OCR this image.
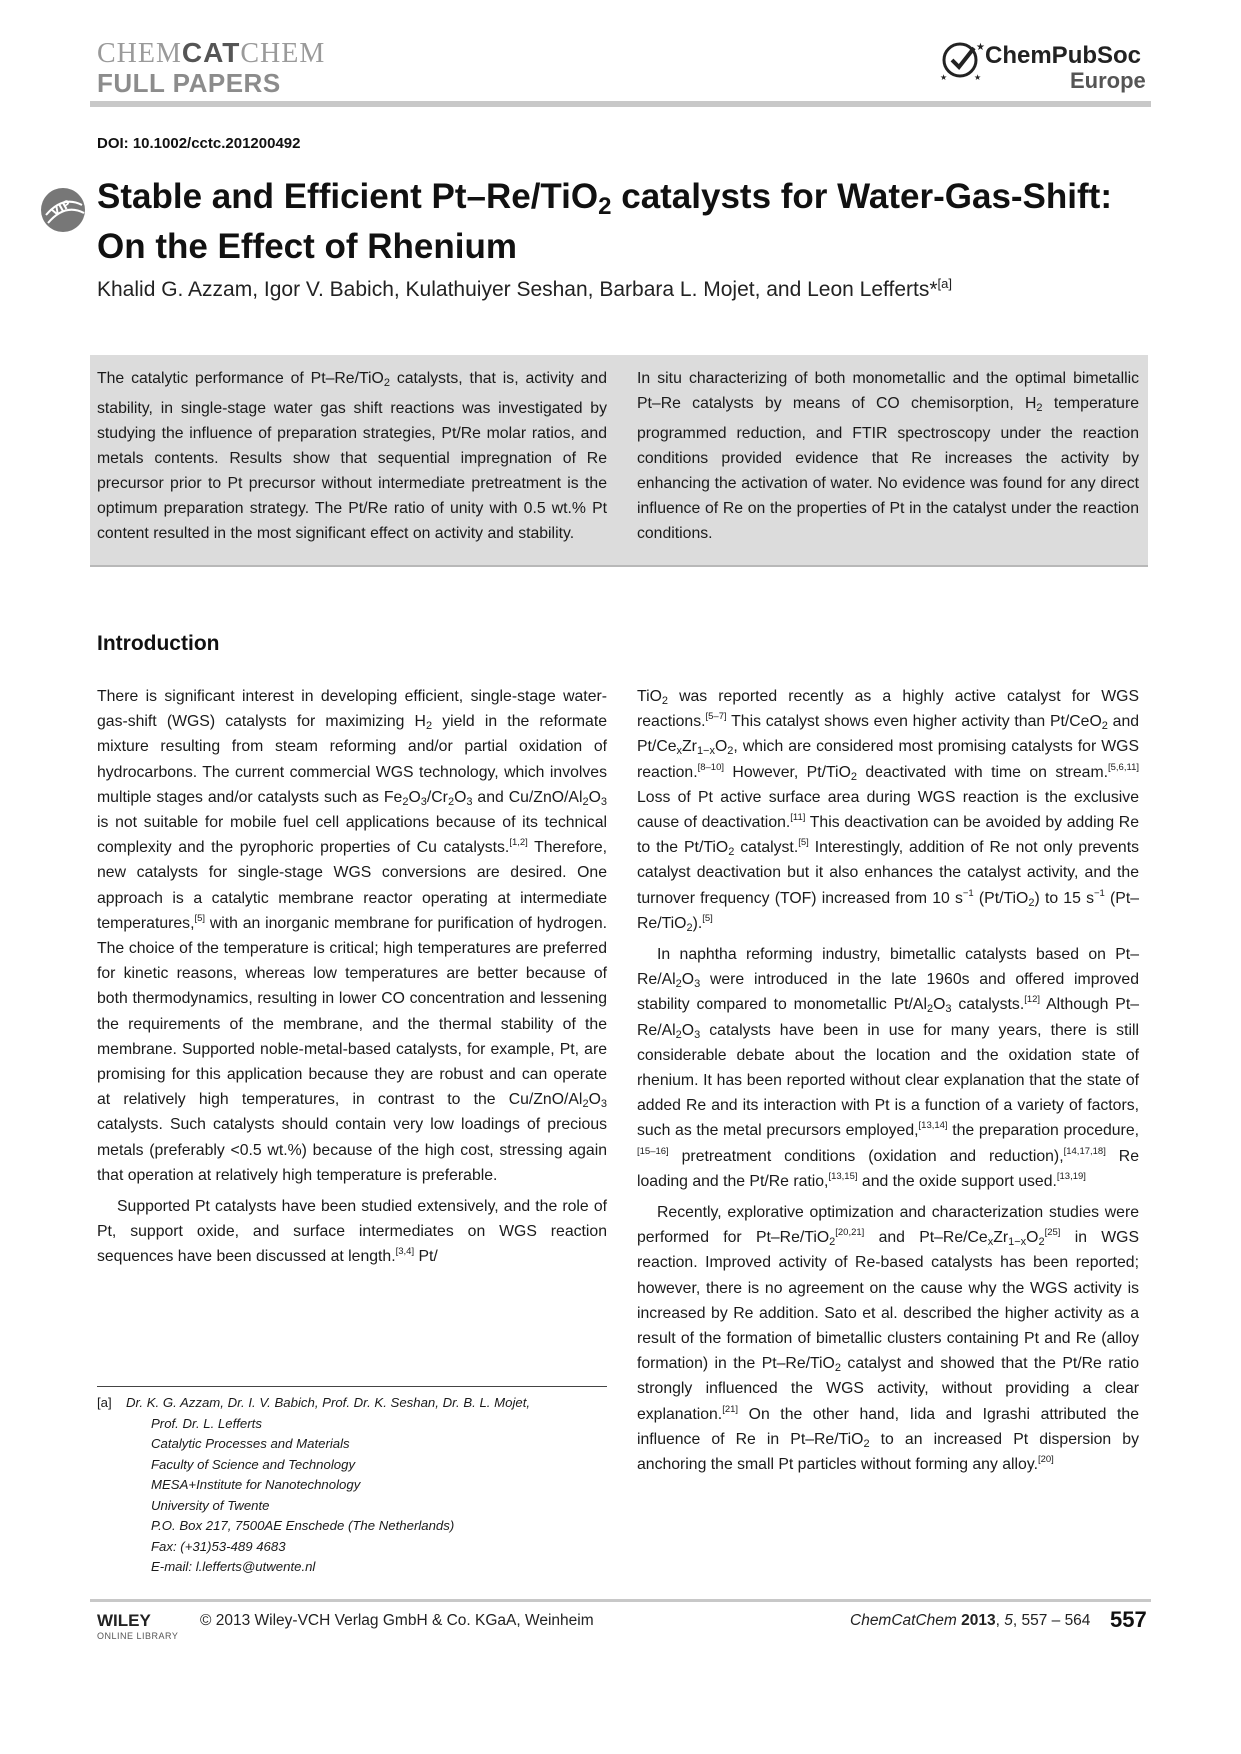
CHEMCATCHEM
FULL PAPERS
★
★	★
ChemPubSoc
Europe
DOI: 10.1002/cctc.201200492
VIP Stable and Efficient Pt–Re/TiO$_2$ catalysts for Water-Gas-Shift: On the Effect of Rhenium
Khalid G. Azzam, Igor V. Babich, Kulathuiyer Seshan, Barbara L. Mojet, and Leon Lefferts*[a]
The catalytic performance of Pt–Re/TiO$_2$ catalysts, that is, activity and stability, in single-stage water gas shift reactions was investigated by studying the influence of preparation strategies, Pt/Re molar ratios, and metals contents. Results show that sequential impregnation of Re precursor prior to Pt precursor without intermediate pretreatment is the optimum preparation strategy. The Pt/Re ratio of unity with 0.5 wt.% Pt content resulted in the most significant effect on activity and stability.
In situ characterizing of both monometallic and the optimal bimetallic Pt–Re catalysts by means of CO chemisorption, $H_2$ temperature programmed reduction, and FTIR spectroscopy under the reaction conditions provided evidence that Re increases the activity by enhancing the activation of water. No evidence was found for any direct influence of Re on the properties of Pt in the catalyst under the reaction conditions.
Introduction

There is significant interest in developing efficient, single-stage water-gas-shift (WGS) catalysts for maximizing $H_2$ yield in the reformate mixture resulting from steam reforming and/or partial oxidation of hydrocarbons. The current commercial WGS technology, which involves multiple stages and/or catalysts such as $Fe_2O_3/Cr_2O_3$ and $Cu/ZnO/Al_2O_3$ is not suitable for mobile fuel cell applications because of its technical complexity and the pyrophoric properties of Cu catalysts.[1,2] Therefore, new catalysts for single-stage WGS conversions are desired. One approach is a catalytic membrane reactor operating at intermediate temperatures,[5] with an inorganic membrane for purification of hydrogen. The choice of the temperature is critical; high temperatures are preferred for kinetic reasons, whereas low temperatures are better because of both thermodynamics, resulting in lower CO concentration and lessening the requirements of the membrane, and the thermal stability of the membrane. Supported noble-metal-based catalysts, for example, Pt, are promising for this application because they are robust and can operate at relatively high temperatures, in contrast to the $Cu/ZnO/Al_2O_3$ catalysts. Such catalysts should contain very low loadings of precious metals (preferably <0.5 wt.%) because of the high cost, stressing again that operation at relatively high temperature is preferable.

Supported Pt catalysts have been studied extensively, and the role of Pt, support oxide, and surface intermediates on WGS reaction sequences have been discussed at length.[3,4] Pt/

TiO$_2$ was reported recently as a highly active catalyst for WGS reactions.[5–7] This catalyst shows even higher activity than Pt/CeO$_2$ and $Pt/Ce_xZr_{1-x}O_2$, which are considered most promising catalysts for WGS reaction.[8–10] However, Pt/TiO$_2$ deactivated with time on stream.[5,6,11] Loss of Pt active surface area during WGS reaction is the exclusive cause of deactivation.[11] This deactivation can be avoided by adding Re to the Pt/TiO$_2$ catalyst.[5] Interestingly, addition of Re not only prevents catalyst deactivation but it also enhances the catalyst activity, and the turnover frequency (TOF) increased from 10 $s^{-1}$ (Pt/TiO$_2$) to 15 $s^{-1}$ (Pt–Re/TiO$_2$).[5]

In naphtha reforming industry, bimetallic catalysts based on $Pt-Re/Al_2O_3$ were introduced in the late 1960s and offered improved stability compared to monometallic $Pt/Al_2O_3$ catalysts.[12] Although $Pt-Re/Al_2O_3$ catalysts have been in use for many years, there is still considerable debate about the location and the oxidation state of rhenium. It has been reported without clear explanation that the state of added Re and its interaction with Pt is a function of a variety of factors, such as the metal precursors employed,[13,14] the preparation procedure,[15–16] pretreatment conditions (oxidation and reduction),[14,17,18] Re loading and the Pt/Re ratio,[13,15] and the oxide support used.[13,19]

Recently, explorative optimization and characterization studies were performed for Pt–Re/TiO$_2$[20,21] and $Pt-Re/Ce_xZr_{1-x}O_2[25]$ in WGS reaction. Improved activity of Re-based catalysts has been reported; however, there is no agreement on the cause why the WGS activity is increased by Re addition. Sato et al. described the higher activity as a result of the formation of bimetallic clusters containing Pt and Re (alloy formation) in the Pt–Re/TiO$_2$ catalyst and showed that the Pt/Re ratio strongly influenced the WGS activity, without providing a clear explanation.[21] On the other hand, Iida and Igrashi attributed the influence of Re in Pt–Re/TiO$_2$ to an increased Pt dispersion by anchoring the small Pt particles without forming any alloy.[20]

[a] Dr. K. G. Azzam, Dr. I. V. Babich, Prof. Dr. K. Seshan, Dr. B. L. Mojet,
Prof. Dr. L. Lefferts
Catalytic Processes and Materials
Faculty of Science and Technology
MESA+Institute for Nanotechnology
University of Twente
P.O. Box 217, 7500AE Enschede (The Netherlands)
Fax: (+31)53-489 4683
E-mail: l.lefferts@utwente.nl
WILEY
ONLINE LIBRARY
© 2013 Wiley-VCH Verlag GmbH & Co. KGaA, Weinheim	ChemCatChem 2013, 5, 557 – 564 557
